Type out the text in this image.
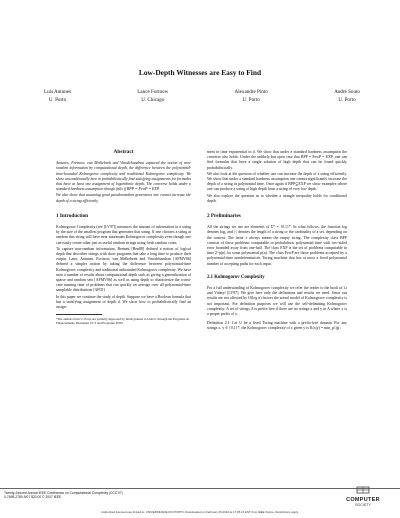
Low-Depth Witnesses are Easy to Find
Luis Antunes
U. Porto
Lance Fortnow
U. Chicago
Alexandre Pinto
U. Porto
André Souto
U. Porto
Abstract

Antunes, Fortnow, van Melkebeek and Vinodchandran captured the notion of non-random information by computational depth, the difference between the polynomial-time-bounded Kolmogorov complexity and traditional Kolmogorov complexity. We show unconditionally how to probabilistically find satisfying assignments for formulas that have at least one assignment of logarithmic depth. The converse holds under a standard hardness assumption though fails if BPP = FewP = EXP.

We also show that assuming good pseudorandom generators one cannot increase the depth of a string efficiently.

1 Introduction

Kolmogorov Complexity (see [LV97]) measures the amount of information in a string by the size of the smallest program that generates that string. If one chooses a string at random this string will have near maximum Kolmogorov complexity even though one can easily create other just as useful random strings using fresh random coins.

To capture non-random information, Bennett [Ben88] defined a notion of logical depth that describes strings with short programs that take a long time to produce their output. Later, Antunes, Fortnow, van Melkebeek and Vinodchandran [AFMV06] defined a simpler notion by taking the difference between polynomial-time Kolmogorov complexity and traditional unbounded Kolmogorov complexity. We have seen a number of results about computational depth such as giving a generalization of sparse and random sets [AFMV06] as well as using depth to characterize the worst-case running time of problems that run quickly on average over all polynomial-time samplable distributions [AF05].

In this paper we continue the study of depth. Suppose we have a Boolean formula that has a satisfying assignment of depth d. We show how to probabilistically find an assign-

*The authors from U. Porto are partially supported by funds granted to LIACC through the Programa de Financiamento Plurianual, FCT and Programa POSI.

ment in time exponential in d. We show that under a standard hardness assumption the converse also holds. Under the unlikely but open case that BPP = FewP = EXP, one can find formulas that have a single solution of high depth that can be found quickly probabilistically.

We also look at the question of whether one can increase the depth of a string efficiently. We show that under a standard hardness assumption one cannot significantly increase the depth of a string in polynomial time. Once again if BPP⊆EXP we show examples where one can produce a string of high depth from a string of very low depth.

We also explore the question as to whether a triangle inequality holds for conditional depth.

2 Preliminaries

All the strings we use are elements of Σ* = {0,1}*. In what follows, the function log denotes log₂ and |·| denotes the length of a string or the cardinality of a set, depending on the context. The letter ε always means the empty string. The complexity class BPP consists of those problems computable in probabilistic polynomial time with two-sided error bounded away from one-half. The class EXP is the set of problems computable in time 2^p(n) for some polynomial p(n). The class FewP are those problems accepted by a polynomial-time nondeterministic Turing machine that has at most a fixed polynomial number of accepting paths for each input.

2.1 Kolmogorov Complexity

For a full understanding of Kolmogorov complexity we refer the reader to the book of Li and Vitányi [LV97]. We give here only the definitions and results we need. Since our results are not affected by O(log n) factors the actual model of Kolmogorov complexity is not important. For definition purposes we will use the self-delimiting Kolmogorov complexity. A set of strings A is prefix-free if there are no strings x and y in A where x is a proper prefix of y.

Definition 2.1. Let U be a fixed Turing machine with a prefix-free domain. For any strings x, y ∈ {0,1}*, the Kolmogorov complexity of x given y is K(x|y) = min_p{|p| :

Twenty-Second Annual IEEE Conference on Computational Complexity (CCC'07)
0-7695-2780-9/07 $20.00 © 2007 IEEE	COMPUTER
SOCIETY
Authorized licensed use limited to: UNIVERSIDADE DO PORTO. Downloaded on February 25,2010 at 17:05:21 EST from IEEE Xplore. Restrictions apply.
